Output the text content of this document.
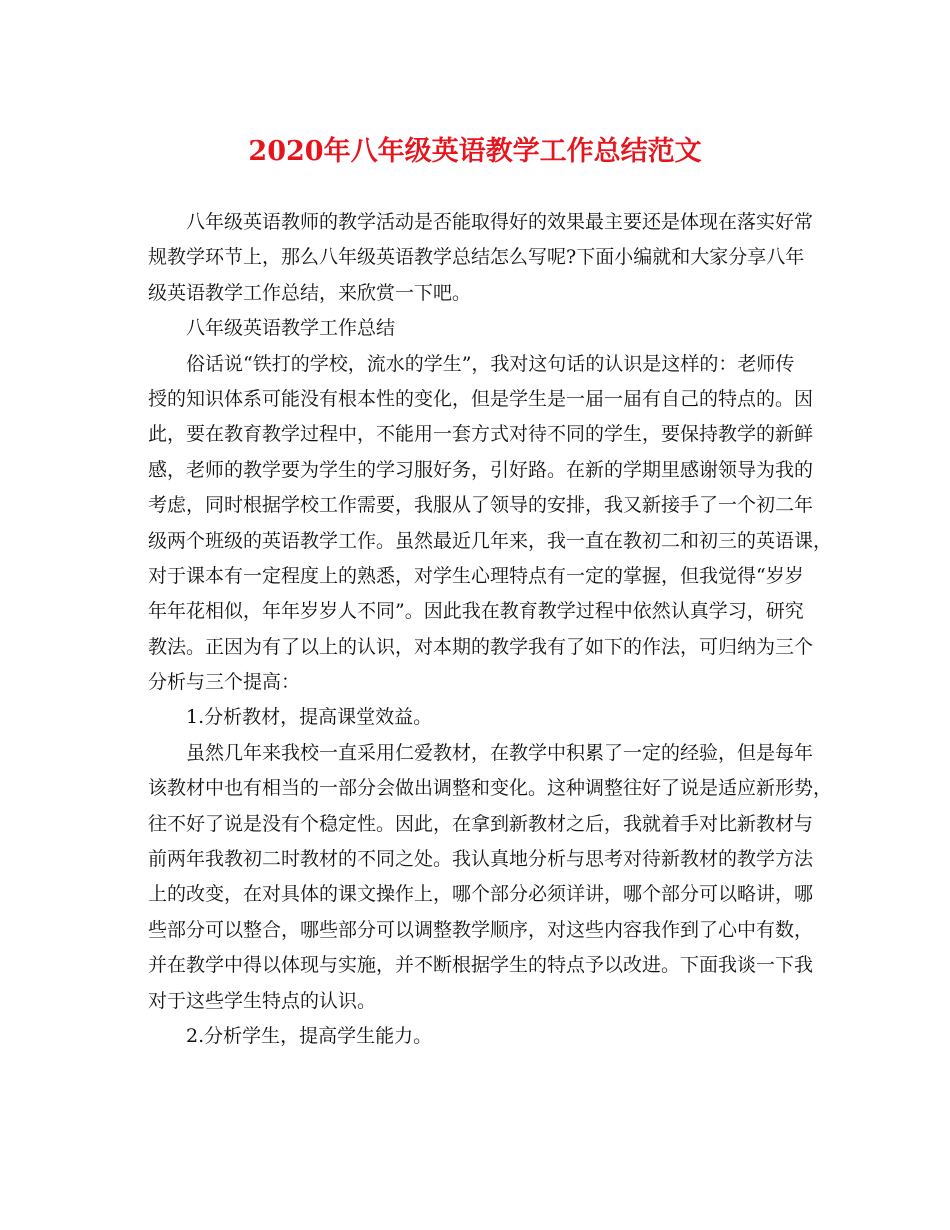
2020年八年级英语教学工作总结范文
八年级英语教师的教学活动是否能取得好的效果最主要还是体现在落实好常
规教学环节上，那么八年级英语教学总结怎么写呢?下面小编就和大家分享八年
级英语教学工作总结，来欣赏一下吧。
八年级英语教学工作总结
俗话说“铁打的学校，流水的学生”，我对这句话的认识是这样的：老师传
授的知识体系可能没有根本性的变化，但是学生是一届一届有自己的特点的。因
此，要在教育教学过程中，不能用一套方式对待不同的学生，要保持教学的新鲜
感，老师的教学要为学生的学习服好务，引好路。在新的学期里感谢领导为我的
考虑，同时根据学校工作需要，我服从了领导的安排，我又新接手了一个初二年
级两个班级的英语教学工作。虽然最近几年来，我一直在教初二和初三的英语课，
对于课本有一定程度上的熟悉，对学生心理特点有一定的掌握，但我觉得“岁岁
年年花相似，年年岁岁人不同”。因此我在教育教学过程中依然认真学习，研究
教法。正因为有了以上的认识，对本期的教学我有了如下的作法，可归纳为三个
分析与三个提高：
1.分析教材，提高课堂效益。
虽然几年来我校一直采用仁爱教材，在教学中积累了一定的经验，但是每年
该教材中也有相当的一部分会做出调整和变化。这种调整往好了说是适应新形势，
往不好了说是没有个稳定性。因此，在拿到新教材之后，我就着手对比新教材与
前两年我教初二时教材的不同之处。我认真地分析与思考对待新教材的教学方法
上的改变，在对具体的课文操作上，哪个部分必须详讲，哪个部分可以略讲，哪
些部分可以整合，哪些部分可以调整教学顺序，对这些内容我作到了心中有数，
并在教学中得以体现与实施，并不断根据学生的特点予以改进。下面我谈一下我
对于这些学生特点的认识。
2.分析学生，提高学生能力。
